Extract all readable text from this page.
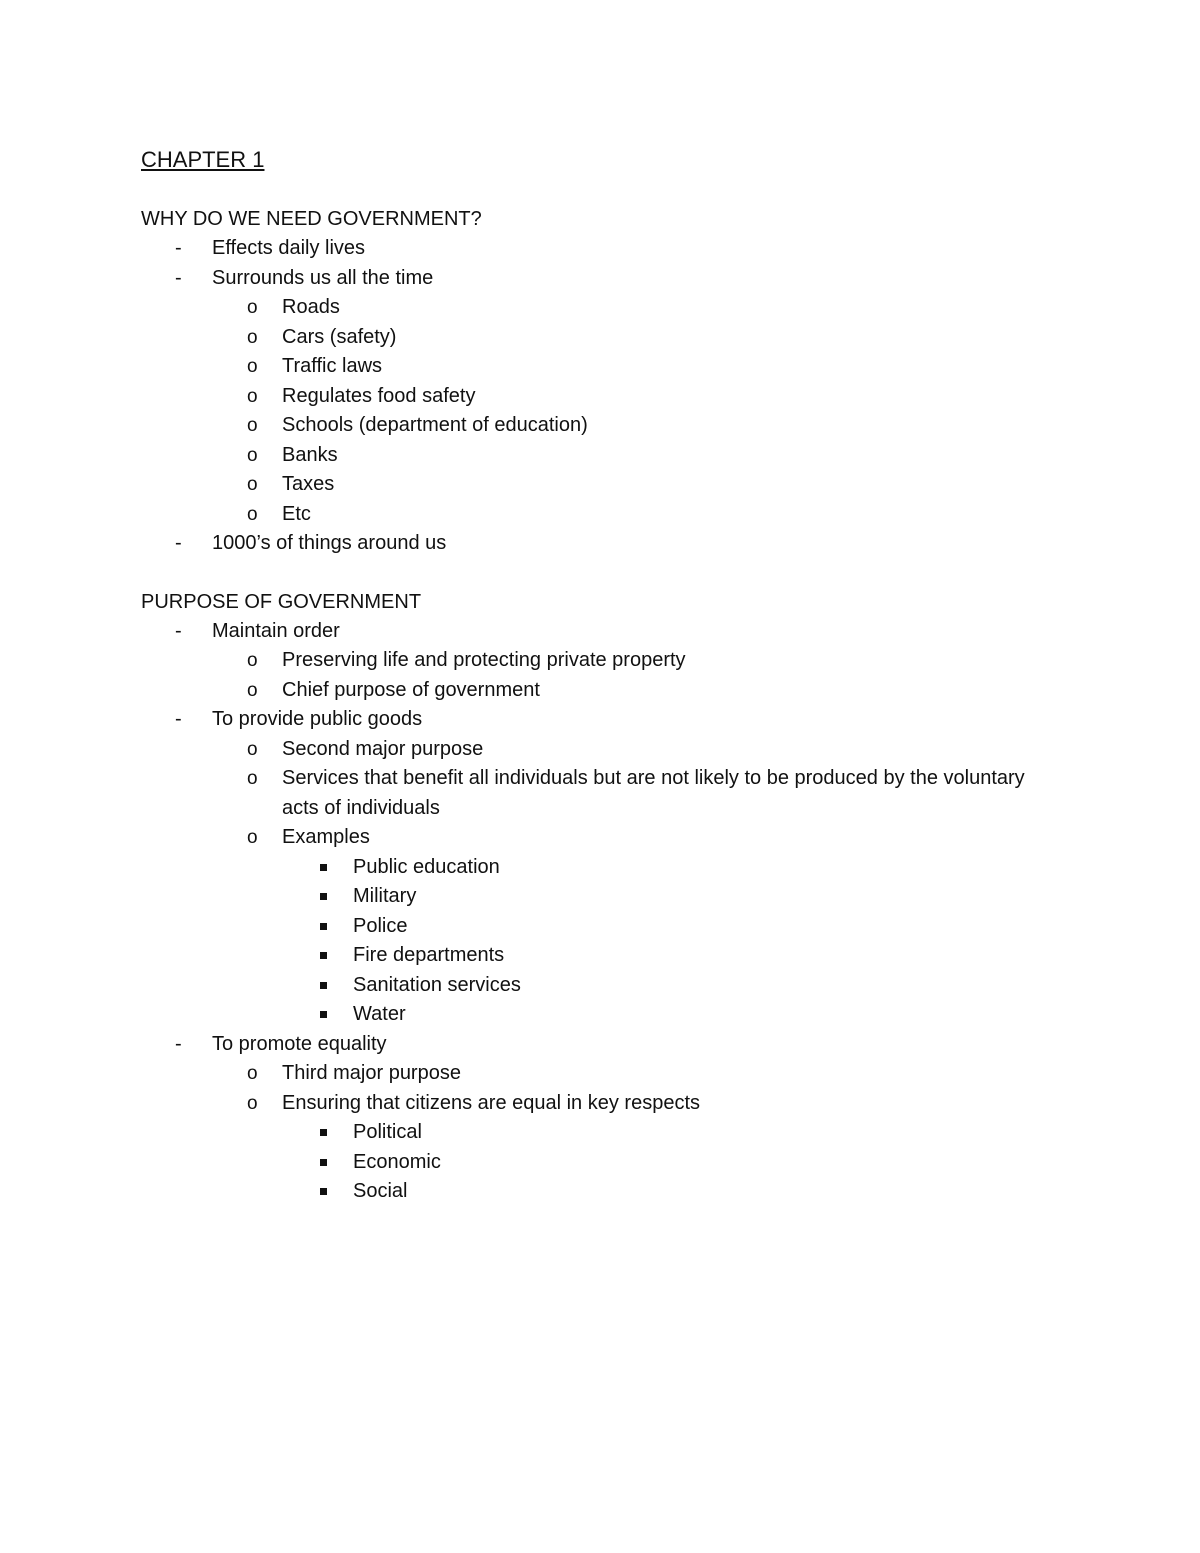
CHAPTER 1
WHY DO WE NEED GOVERNMENT?
-	Effects daily lives
-	Surrounds us all the time
o	Roads
o	Cars (safety)
o	Traffic laws
o	Regulates food safety
o	Schools (department of education)
o	Banks
o	Taxes
o	Etc
-	1000’s of things around us
PURPOSE OF GOVERNMENT
-	Maintain order
o	Preserving life and protecting private property
o	Chief purpose of government
-	To provide public goods
o	Second major purpose
o	Services that benefit all individuals but are not likely to be produced by the voluntary acts of individuals
o	Examples
Public education
Military
Police
Fire departments
Sanitation services
Water
-	To promote equality
o	Third major purpose
o	Ensuring that citizens are equal in key respects
Political
Economic
Social
